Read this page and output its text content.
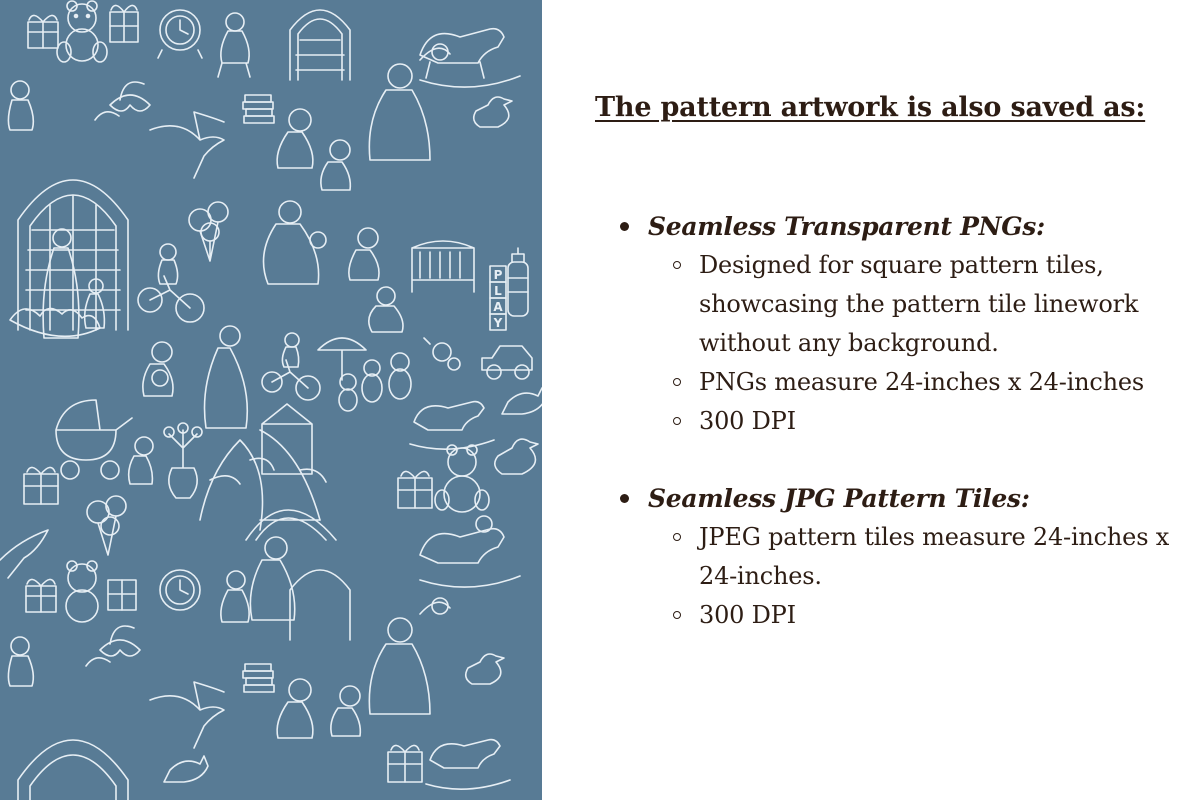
P
L
A
Y
The pattern artwork is also saved as:
Seamless Transparent PNGs:
Designed for square pattern tiles, showcasing the pattern tile linework without any background.
PNGs measure 24-inches x 24-inches
300 DPI
Seamless JPG Pattern Tiles:
JPEG pattern tiles measure 24-inches x 24-inches.
300 DPI
